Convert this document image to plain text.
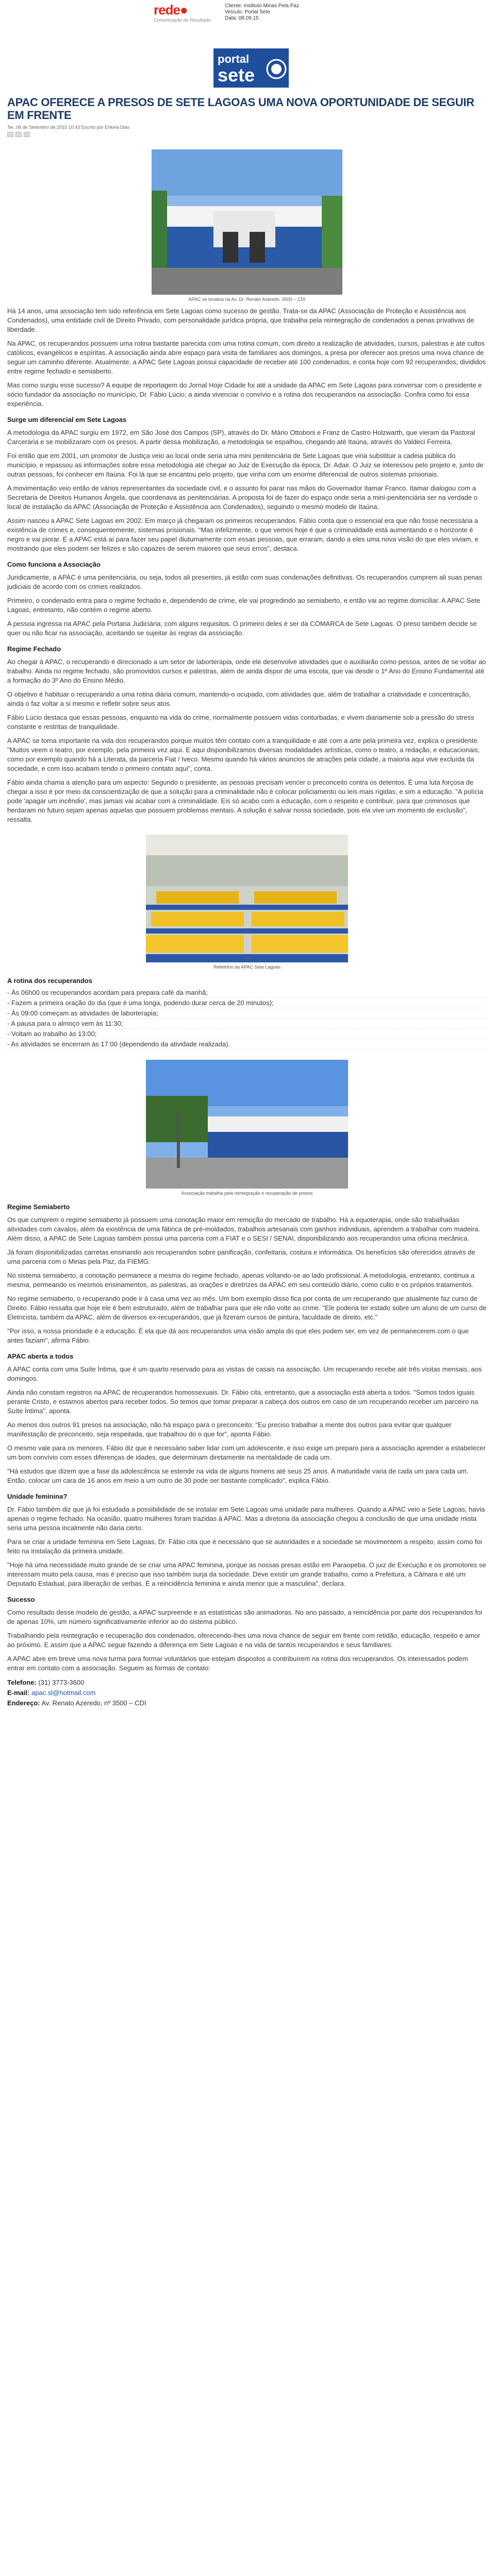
rede●
Comunicação de Resultado
Cliente: Instituto Minas Pela Paz
Veículo: Portal Sete
Data: 08.09.15
portal
sete
APAC OFERECE A PRESOS DE SETE LAGOAS UMA NOVA OPORTUNIDADE DE SEGUIR EM FRENTE
Ter, 08 de Setembro de 2015 10:43 Escrito por Erikeia Dias
APAC se localiza na Av. Dr. Renato Azeredo, 3500 – CDI

Há 14 anos, uma associação tem sido referência em Sete Lagoas como sucesso de gestão. Trata-se da APAC (Associação de Proteção e Assistência aos Condenados), uma entidade civil de Direito Privado, com personalidade jurídica própria, que trabalha pela reintegração de condenados a penas privativas de liberdade.

Na APAC, os recuperandos possuem uma rotina bastante parecida com uma rotina comum, com direito a realização de atividades, cursos, palestras e até cultos católicos, evangélicos e espíritas. A associação ainda abre espaço para visita de familiares aos domingos, a presa por oferecer aos presos uma nova chance de seguir um caminho diferente. Atualmente, a APAC Sete Lagoas possui capacidade de receber até 100 condenados, e conta hoje com 92 recuperandos, divididos entre regime fechado e semiaberto.

Mas como surgiu esse sucesso? A equipe de reportagem do Jornal Hoje Cidade foi até a unidade da APAC em Sete Lagoas para conversar com o presidente e sócio fundador da associação no município, Dr. Fábio Lúcio; a ainda vivenciar o convívio e a rotina dos recuperandos na associação. Confira como foi essa experiência.

Surge um diferencial em Sete Lagoas

A metodologia da APAC surgiu em 1972, em São José dos Campos (SP), através do Dr. Mário Ottoboni e Franz de Castro Holzwarth, que vieram da Pastoral Carcerária e se mobilizaram com os presos. A partir dessa mobilização, a metodologia se espalhou, chegando até Itaúna, através do Valdeci Ferreira.

Foi então que em 2001, um promotor de Justiça veio ao local onde seria uma mini penitenciária de Sete Lagoas que viria substituir a cadeia pública do município, e repassou as informações sobre essa metodologia até chegar ao Juiz de Execução da época, Dr. Adair. O Juiz se interessou pelo projeto e, junto de outras pessoas, foi conhecer em Itaúna. Foi lá que se encantou pelo projeto, que vinha com um enorme diferencial de outros sistemas prisionais.

A movimentação veio então de vários representantes da sociedade civil, e o assunto foi parar nas mãos do Governador Itamar Franco. Itamar dialogou com a Secretaria de Direitos Humanos Ângela, que coordenava as penitenciárias. A proposta foi de fazer do espaço onde seria a mini-penitenciária ser na verdade o local de instalação da APAC (Associação de Proteção e Assistência aos Condenados), seguindo o mesmo modelo de Itaúna.

Assim nasceu a APAC Sete Lagoas em 2002. Em março já chegaram os primeiros recuperandos. Fábio conta que o essencial era que não fosse necessária a existência de crimes e, consequentemente, sistemas prisionais. "Mas infelizmente, o que vemos hoje é que a criminalidade está aumentando e o horizonte é negro e vai piorar. E a APAC está aí para fazer seu papel diuturnamente com essas pessoas, que erraram, dando a eles uma nova visão do que eles viviam, e mostrando que eles podem ser felizes e são capazes de serem maiores que seus erros", destaca.

Como funciona a Associação

Juridicamente, a APAC é uma penitenciária, ou seja, todos ali presentes, já estão com suas condenações definitivas. Os recuperandos cumprem ali suas penas judiciais de acordo com os crimes realizados.

Primeiro, o condenado entra para o regime fechado e, dependendo de crime, ele vai progredindo ao semiaberto, e então vai ao regime domiciliar. A APAC Sete Lagoas, entretanto, não contém o regime aberto.

A pessoa ingressa na APAC pela Portaria Judiciária, com alguns requisitos. O primeiro deles é ser da COMARCA de Sete Lagoas. O preso também decide se quer ou não ficar na associação, aceitando se sujeitar às regras da associação.

Regime Fechado

Ao chegar à APAC, o recuperando é direcionado a um setor de laborterapia, onde ele desenvolve atividades que o auxiliarão como pessoa, antes de se voltar ao trabalho. Ainda no regime fechado, são promovidos cursos e palestras, além de ainda dispor de uma escola, que vai desde o 1º Ano do Ensino Fundamental até a formação do 3º Ano do Ensino Médio.

O objetivo é habituar o recuperando a uma rotina diária comum, mantendo-o ocupado, com atividades que, além de trabalhar a criatividade e concentração, ainda o faz voltar a si mesmo e refletir sobre seus atos.

Fábio Lúcio destaca que essas pessoas, enquanto na vida do crime, normalmente possuem vidas conturbadas, e vivem diariamente sob a pressão do stress constante e restritas de tranquilidade.

A APAC se torna importante na vida dos recuperandos porque muitos têm contato com a tranquilidade e até com a arte pela primeira vez, explica o presidente. "Muitos veem o teatro, por exemplo, pela primeira vez aqui. E aqui disponibilizamos diversas modalidades artísticas, como o teatro, a redação, e educacionais, como por exemplo quando há a Literata, da parceria Fiat / Iveco. Mesmo quando há vários anúncios de atrações pela cidade, a maioria aqui vive excluída da sociedade, e com isso acabam tendo o primeiro contato aqui", conta.

Fábio ainda chama a atenção para um aspecto: Segundo o presidente, as pessoas precisam vencer o preconceito contra os detentos. É uma luta forçosa de chegar a isso é por meio da conscientização de que a solução para a criminalidade não é colocar policiamento ou leis mais rígidas, e sim a educação. "A polícia pode 'apagar um incêndio', mas jamais vai acabar com a criminalidade. Eis só acabo com a educação, com o respeito e contribuir, para que criminosos que herdaram no futuro sejam apenas aquelas que possuem problemas mentais. A solução é salvar nossa sociedade, pois ela vive um momento de exclusão", ressalta.

Refeitório da APAC Sete Lagoas
A rotina dos recuperandos
- Às 06h00 os recuperandos acordam para prepara café da manhã;
- Fazem a primeira oração do dia (que é uma longa, podendo durar cerca de 20 minutos);
- Às 09:00 começam as atividades de laborterapia;
- A pausa para o almoço vem às 11:30;
- Voltam ao trabalho às 13:00;
- As atividades se encerram às 17:00 (dependendo da atividade realizada).
Associação trabalha pela reintegração e recuperação de presos
Regime Semiaberto

Os que cumprem o regime semiaberto já possuem uma conotação maior em remoção do mercado de trabalho. Há a equoterapia, onde são trabalhadas atividades com cavalos, além da existência de uma fábrica de pré-moldados, trabalhos artesanais com ganhos individuais, aprendem a trabalhar com madeira. Além disso, a APAC de Sete Lagoas também possui uma parceria com a FIAT e o SESI / SENAI, disponibilizando aos recuperandos uma oficina mecânica.

Já foram disponibilizadas carretas ensinando aos recuperandos sobre panificação, confeitaria, costura e informática. Os benefícios são oferecidos através de uma parceria com o Minas pela Paz, da FIEMG.

No sistema semiaberto, a conotação permanece a mesma do regime fechado, apenas voltando-se ao lado profissional. A metodologia, entretanto, continua a mesma, permeando os mesmos ensinamentos, as palestras, as orações e diretrizes da APAC em seu conteúdo diário, como culto e os próprios tratamentos.

No regime semiaberto, o recuperando pode ir à casa uma vez ao mês. Um bom exemplo disso fica por conta de um recuperando que atualmente faz curso de Direito. Fábio ressalta que hoje ele é bem estruturado, além de trabalhar para que ele não volte ao crime. "Ele poderia ter estado sobre um aluno de um curso de Eletricista, também da APAC, além de diversos ex-recuperandos, que já fizeram cursos de pintura, faculdade de direito, etc."

"Por isso, a nossa prioridade é a educação. É ela que dá aos recuperandos uma visão ampla do que eles podem ser, em vez de permanecerem com o que antes faziam", afirma Fábio.

APAC aberta a todos

A APAC conta com uma Suíte Íntima, que é um quarto reservado para as visitas de casais na associação. Um recuperando recebe até três visitas mensais, aos domingos.

Ainda não constam registros na APAC de recuperandos homossexuais. Dr. Fábio cita, entretanto, que a associação está aberta a todos. "Somos todos iguais perante Cristo, e estamos abertos para receber todos. So temos que tomar preparar a cabeça dos outros em caso de um recuperando receber um parceiro na Suíte Íntima", aponta.

Ao menos dos outros 91 presos na associação, não há espaço para o preconceito: "Eu preciso trabalhar a mente dos outros para evitar que qualquer manifestação de preconceito, seja respeitada, que trabalhou do o que for", aponta Fábio.

O mesmo vale para os menores. Fábio diz que é necessário saber lidar com um adolescente, e isso exige um preparo para a associação aprender a estabelecer um bom convívio com esses diferenças de idades, que determinam diretamente na mentalidade de cada um.

"Há estudos que dizem que a fase da adolescência se estende na vida de alguns homens até seus 25 anos. A maturidade varia de cada um para cada um. Então, colocar um cara de 16 anos em meio a um outro de 30 pode ser bastante complicado", explica Fábio.

Unidade feminina?

Dr. Fábio também diz que já foi estudada a possibilidade de se instalar em Sete Lagoas uma unidade para mulheres. Quando a APAC veio a Sete Lagoas, havia apenas o regime fechado. Na ocasião, quatro mulheres foram trazidas à APAC. Mas a diretoria da associação chegou à conclusão de que uma unidade mista seria uma pessoa incalmente não daria certo.

Para se criar a unidade feminina em Sete Lagoas, Dr. Fábio cita que é necessário que se autoridades e a sociedade se movimentem a respeito, assim como foi feito na instalação da primeira unidade.

"Hoje há uma necessidade muito grande de se criar uma APAC feminina, porque as nossas presas estão em Paraopeba. O juiz de Execução e os promotores se interessam muito pela causa, mas é preciso que isso também surja da sociedade. Deve existir um grande trabalho, como a Prefeitura, a Câmara e até um Deputado Estadual, para liberação de verbas. É a reincidência feminina e ainda menor que a masculina", declara.

Sucesso

Como resultado desse modelo de gestão, a APAC surpreende e as estatísticas são animadoras. No ano passado, a reincidência por parte dos recuperandos foi de apenas 10%, um número significativamente inferior ao do sistema público.

Trabalhando pela reintegração e recuperação dos condenados, oferecendo-lhes uma nova chance de seguir em frente com retidão, educação, respeito e amor ao próximo. E assim que a APAC segue fazendo a diferença em Sete Lagoas e na vida de tantos recuperandos e seus familiares.

A APAC abre em breve uma nova turma para formar voluntários que estejam dispostos a contribuírem na rotina dos recuperandos. Os interessados podem entrar em contato com a associação. Seguem as formas de contato:

Telefone: (31) 3773-3600
E-mail: apac.sl@hotmail.com
Endereço: Av. Renato Azeredo, nº 3500 – CDI
